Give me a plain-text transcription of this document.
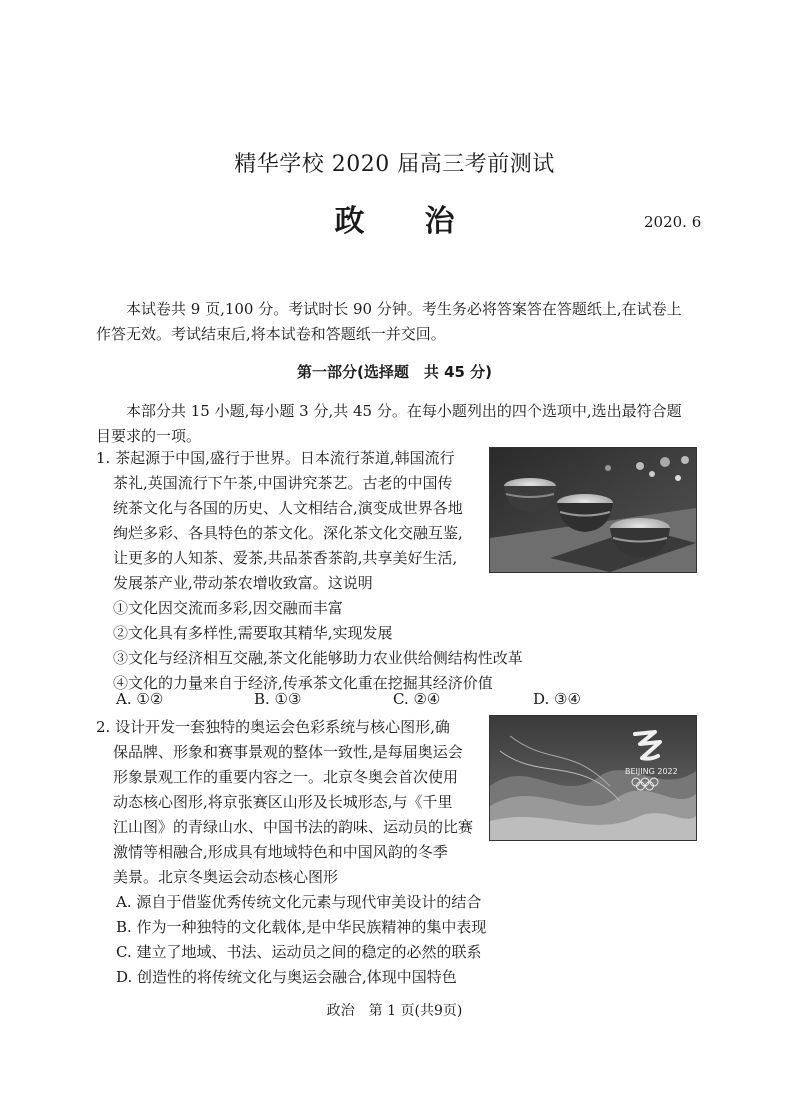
精华学校 2020 届高三考前测试
政治	2020. 6
本试卷共 9 页,100 分。考试时长 90 分钟。考生务必将答案答在答题纸上,在试卷上作答无效。考试结束后,将本试卷和答题纸一并交回。
第一部分(选择题　共 45 分)
本部分共 15 小题,每小题 3 分,共 45 分。在每小题列出的四个选项中,选出最符合题目要求的一项。
1. 茶起源于中国,盛行于世界。日本流行茶道,韩国流行
茶礼,英国流行下午茶,中国讲究茶艺。古老的中国传
统茶文化与各国的历史、人文相结合,演变成世界各地
绚烂多彩、各具特色的茶文化。深化茶文化交融互鉴,
让更多的人知茶、爱茶,共品茶香茶韵,共享美好生活,
发展茶产业,带动茶农增收致富。这说明
①文化因交流而多彩,因交融而丰富
②文化具有多样性,需要取其精华,实现发展
③文化与经济相互交融,茶文化能够助力农业供给侧结构性改革
④文化的力量来自于经济,传承茶文化重在挖掘其经济价值
A. ①②	B. ①③	C. ②④	D. ③④
2. 设计开发一套独特的奥运会色彩系统与核心图形,确
保品牌、形象和赛事景观的整体一致性,是每届奥运会
形象景观工作的重要内容之一。北京冬奥会首次使用
动态核心图形,将京张赛区山形及长城形态,与《千里
江山图》的青绿山水、中国书法的韵味、运动员的比赛
激情等相融合,形成具有地域特色和中国风韵的冬季
美景。北京冬奥运会动态核心图形
A. 源自于借鉴优秀传统文化元素与现代审美设计的结合
B. 作为一种独特的文化载体,是中华民族精神的集中表现
C. 建立了地域、书法、运动员之间的稳定的必然的联系
D. 创造性的将传统文化与奥运会融合,体现中国特色
BEIJING 2022
政治　第 1 页(共9页)
